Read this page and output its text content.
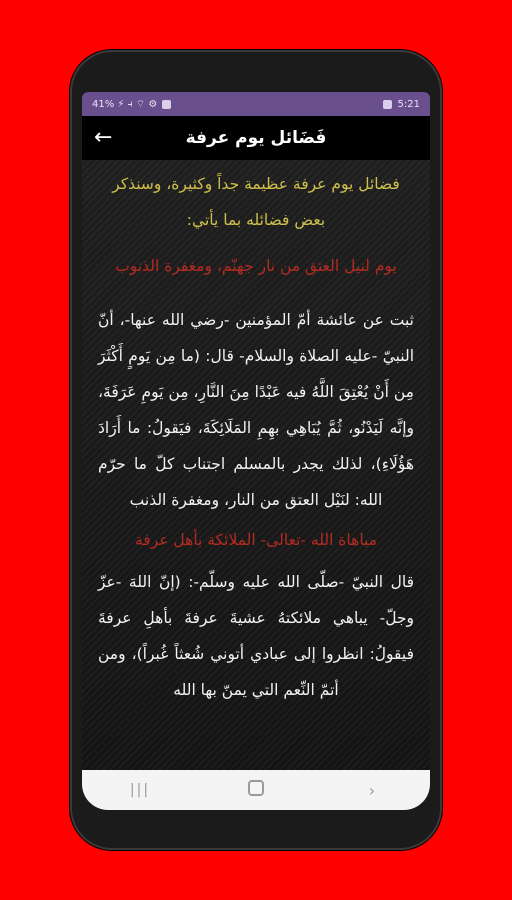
41% ⚡ ⫞ ⌔ ⚙	5:21
←	فَضَائل يوم عرفة

فضائل يوم عرفة عظيمة جداً وكثيرة، وسنذكر بعض فضائله بما يأتي:

يوم لنيل العتق من نار جهنّم، ومغفرة الذنوب

ثبت عن عائشة أمّ المؤمنين -رضي الله عنها-، أنّ النبيّ -عليه الصلاة والسلام- قال: (ما مِن يَومٍ أَكْثَرَ مِن أَنْ يُعْتِقَ اللَّهُ فيه عَبْدًا مِنَ النَّارِ، مِن يَومِ عَرَفَةَ، وإنَّه لَيَدْنُو، ثُمَّ يُبَاهِي بهِمِ المَلَائِكَةَ، فيَقولُ: ما أَرَادَ هَؤُلَاءِ)، لذلك يجدر بالمسلم اجتناب كلّ ما حرّم الله: لنَيْل العتق من النار، ومغفرة الذنب

مباهاة الله -تعالى- الملائكة بأهل عرفة

قال النبيّ -صلّى الله عليه وسلّم-: (إنّ اللهَ -عزّ وجلّ- يباهي ملائكتهُ عشيةَ عرفةَ بأهلِ عرفةَ فيقولُ: انظروا إلى عبادي أتوني شُعثاً غُبراً)، ومن أتمّ النِّعم التي يمنّ بها الله

|||	›
